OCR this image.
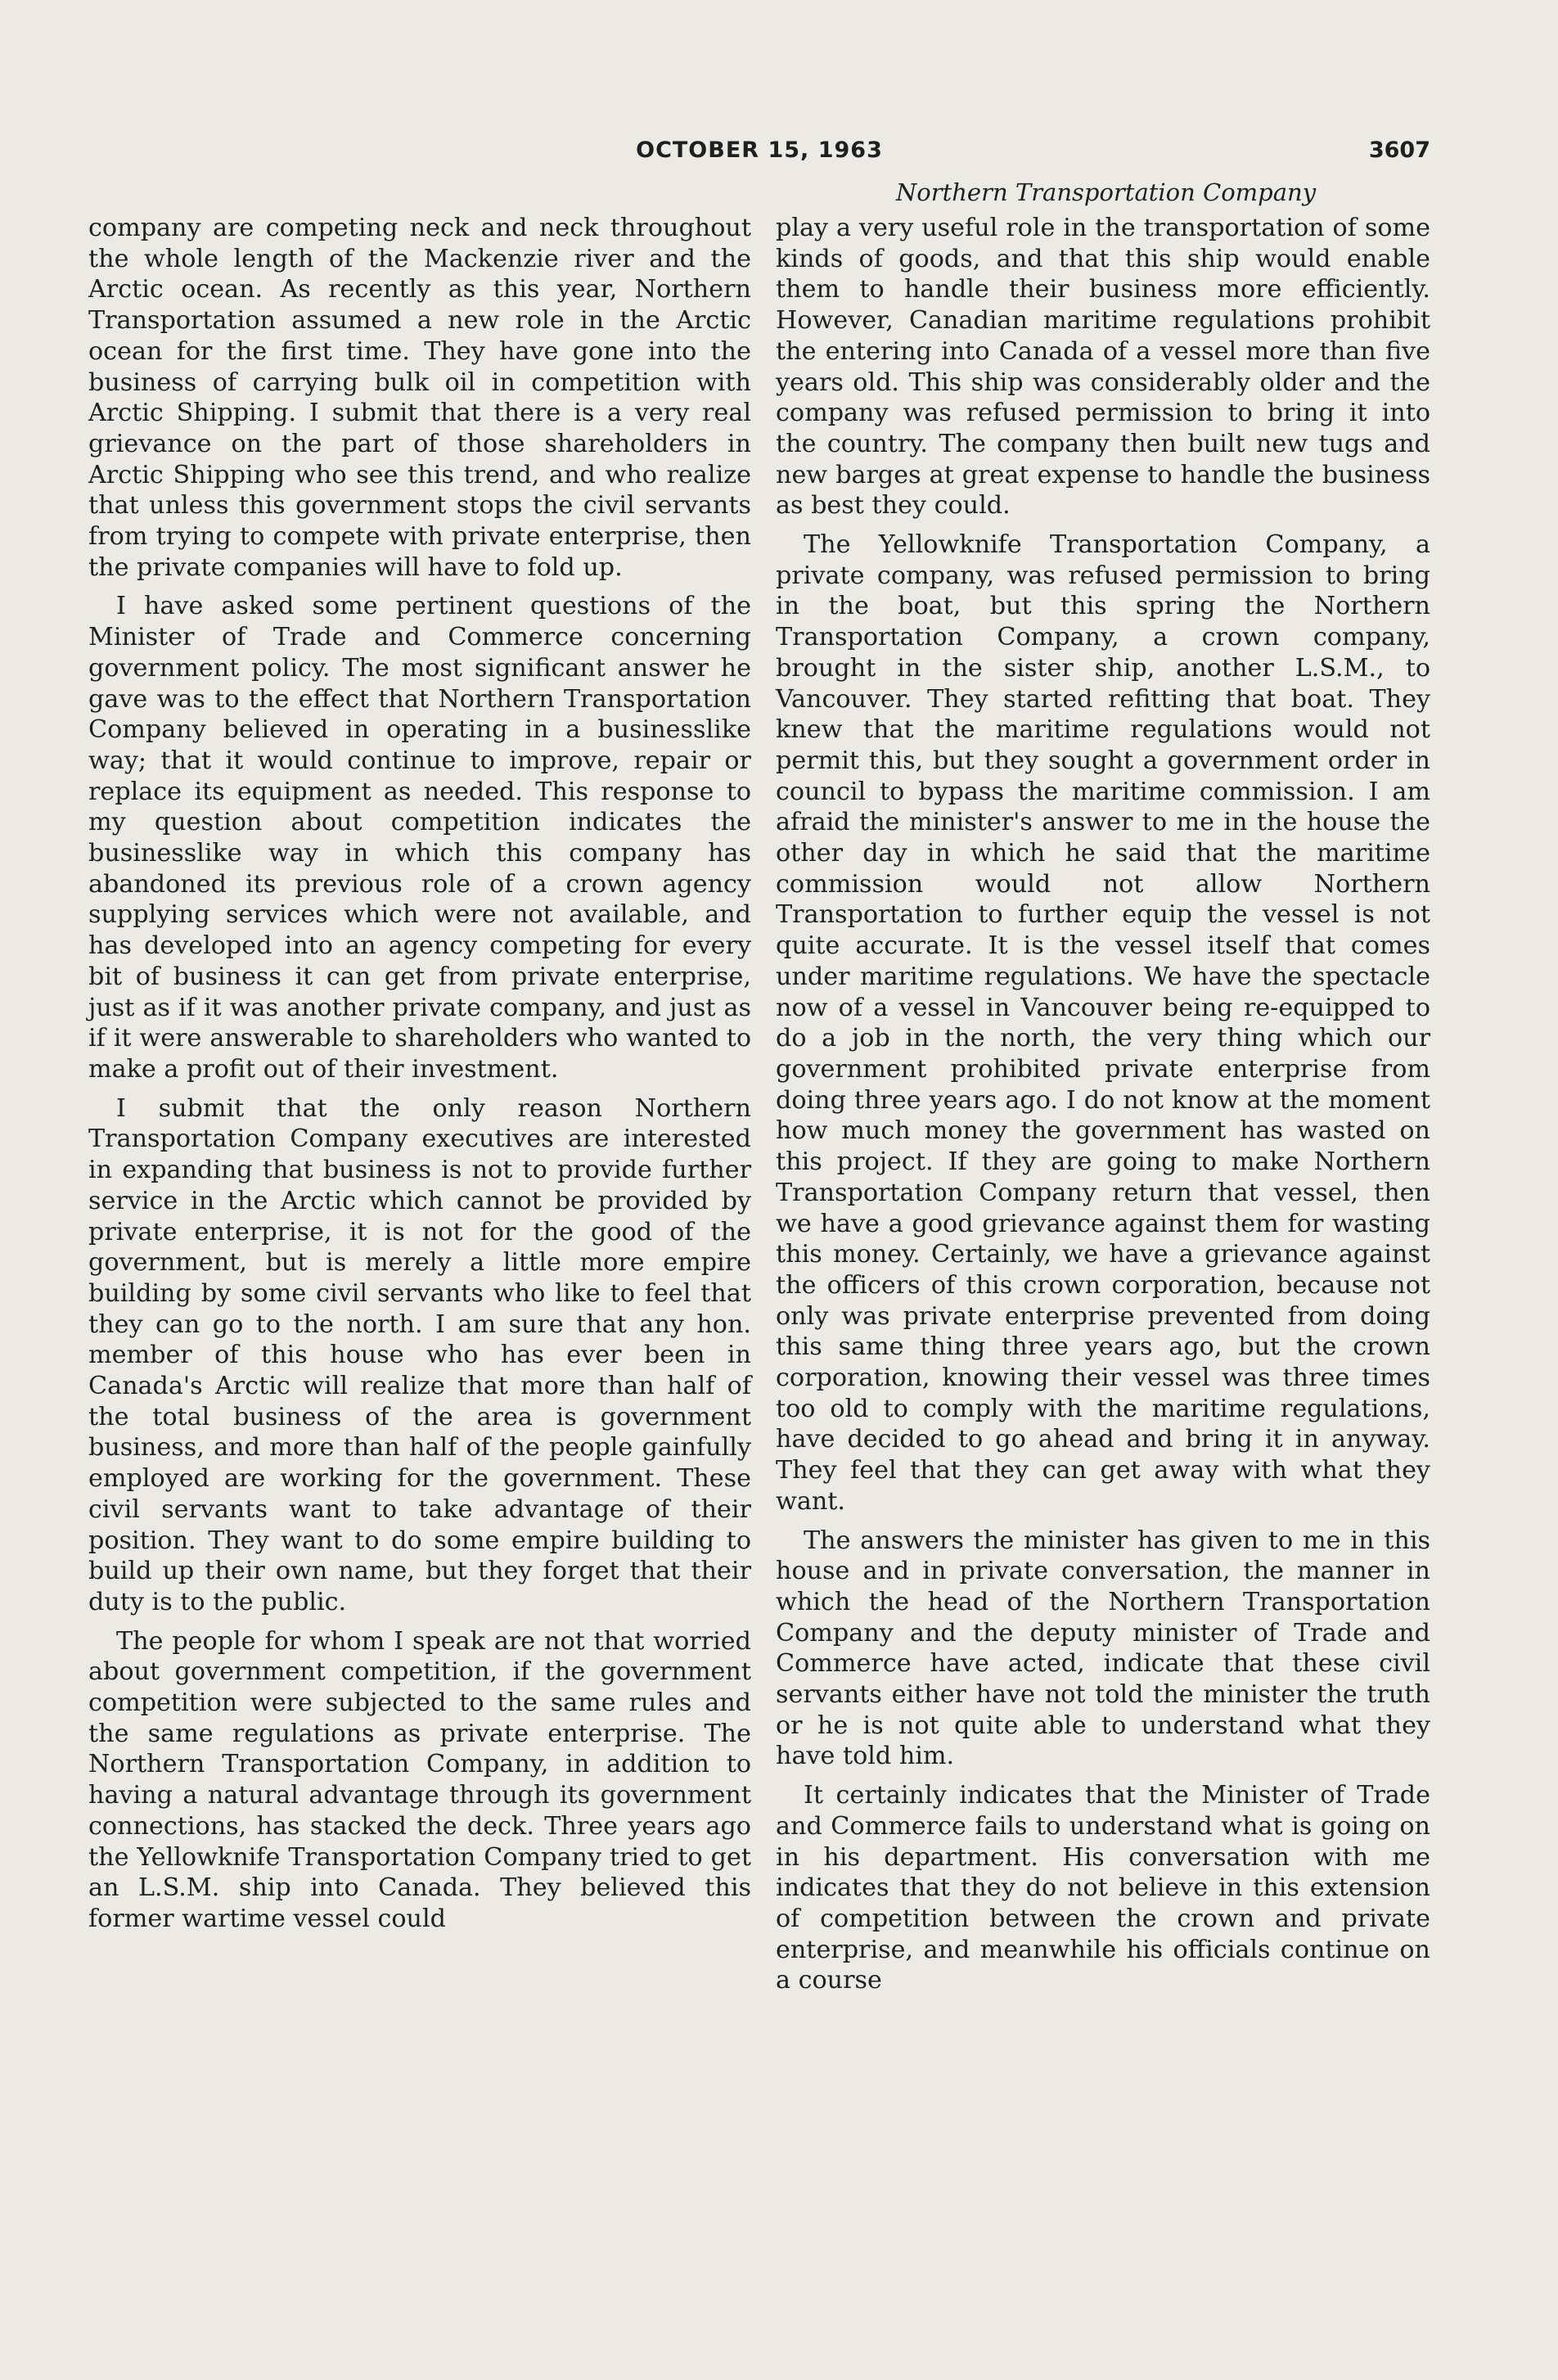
OCTOBER 15, 1963	3607
Northern Transportation Company

company are competing neck and neck throughout the whole length of the Mackenzie river and the Arctic ocean. As recently as this year, Northern Transportation assumed a new role in the Arctic ocean for the first time. They have gone into the business of carrying bulk oil in competition with Arctic Shipping. I submit that there is a very real grievance on the part of those shareholders in Arctic Shipping who see this trend, and who realize that unless this government stops the civil servants from trying to compete with private enterprise, then the private companies will have to fold up.

I have asked some pertinent questions of the Minister of Trade and Commerce concerning government policy. The most significant answer he gave was to the effect that Northern Transportation Company believed in operating in a businesslike way; that it would continue to improve, repair or replace its equipment as needed. This response to my question about competition indicates the businesslike way in which this company has abandoned its previous role of a crown agency supplying services which were not available, and has developed into an agency competing for every bit of business it can get from private enterprise, just as if it was another private company, and just as if it were answerable to shareholders who wanted to make a profit out of their investment.

I submit that the only reason Northern Transportation Company executives are interested in expanding that business is not to provide further service in the Arctic which cannot be provided by private enterprise, it is not for the good of the government, but is merely a little more empire building by some civil servants who like to feel that they can go to the north. I am sure that any hon. member of this house who has ever been in Canada's Arctic will realize that more than half of the total business of the area is government business, and more than half of the people gainfully employed are working for the government. These civil servants want to take advantage of their position. They want to do some empire building to build up their own name, but they forget that their duty is to the public.

The people for whom I speak are not that worried about government competition, if the government competition were subjected to the same rules and the same regulations as private enterprise. The Northern Transportation Company, in addition to having a natural advantage through its government connections, has stacked the deck. Three years ago the Yellowknife Transportation Company tried to get an L.S.M. ship into Canada. They believed this former wartime vessel could

play a very useful role in the transportation of some kinds of goods, and that this ship would enable them to handle their business more efficiently. However, Canadian maritime regulations prohibit the entering into Canada of a vessel more than five years old. This ship was considerably older and the company was refused permission to bring it into the country. The company then built new tugs and new barges at great expense to handle the business as best they could.

The Yellowknife Transportation Company, a private company, was refused permission to bring in the boat, but this spring the Northern Transportation Company, a crown company, brought in the sister ship, another L.S.M., to Vancouver. They started refitting that boat. They knew that the maritime regulations would not permit this, but they sought a government order in council to bypass the maritime commission. I am afraid the minister's answer to me in the house the other day in which he said that the maritime commission would not allow Northern Transportation to further equip the vessel is not quite accurate. It is the vessel itself that comes under maritime regulations. We have the spectacle now of a vessel in Vancouver being re-equipped to do a job in the north, the very thing which our government prohibited private enterprise from doing three years ago. I do not know at the moment how much money the government has wasted on this project. If they are going to make Northern Transportation Company return that vessel, then we have a good grievance against them for wasting this money. Certainly, we have a grievance against the officers of this crown corporation, because not only was private enterprise prevented from doing this same thing three years ago, but the crown corporation, knowing their vessel was three times too old to comply with the maritime regulations, have decided to go ahead and bring it in anyway. They feel that they can get away with what they want.

The answers the minister has given to me in this house and in private conversation, the manner in which the head of the Northern Transportation Company and the deputy minister of Trade and Commerce have acted, indicate that these civil servants either have not told the minister the truth or he is not quite able to understand what they have told him.

It certainly indicates that the Minister of Trade and Commerce fails to understand what is going on in his department. His conversation with me indicates that they do not believe in this extension of competition between the crown and private enterprise, and meanwhile his officials continue on a course
